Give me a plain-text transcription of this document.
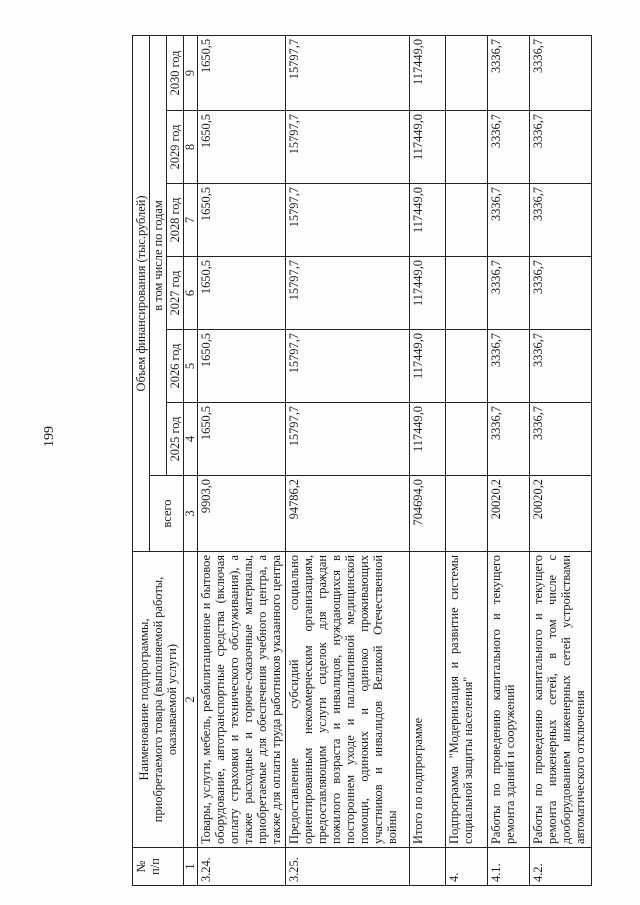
199
№
п/п	Наименование подпрограммы,
приобретаемого товара (выполняемой работы,
оказываемой услуги)	Объем финансирования (тыс.рублей)						
		всего	в том числе по годам					
			2025 год	2026 год	2027 год	2028 год	2029 год	2030 год
1	2	3	4	5	6	7	8	9
3.24.	Товары, услуги, мебель, реабилитационное и бытовое оборудование, автотранспортные средства (включая оплату страховки и технического обслуживания), а также расходные и горюче-смазочные материалы, приобретаемые для обеспечения учебного центра, а также для оплаты труда работников указанного центра	9903,0	1650,5	1650,5	1650,5	1650,5	1650,5	1650,5
3.25.	Предоставление субсидий социально ориентированным некоммерческим организациям, предоставляющим услуги сиделок для граждан пожилого возраста и инвалидов, нуждающихся в постороннем уходе и паллиативной медицинской помощи, одиноких и одиноко проживающих участников и инвалидов Великой Отечественной войны	94786,2	15797,7	15797,7	15797,7	15797,7	15797,7	15797,7
	Итого по подпрограмме	704694,0	117449,0	117449,0	117449,0	117449,0	117449,0	117449,0
4.	Подпрограмма "Модернизация и развитие системы социальной защиты населения"							
4.1.	Работы по проведению капитального и текущего ремонта зданий и сооружений	20020,2	3336,7	3336,7	3336,7	3336,7	3336,7	3336,7
4.2.	Работы по проведению капитального и текущего ремонта инженерных сетей, в том числе с дооборудованием инженерных сетей устройствами автоматического отключения	20020,2	3336,7	3336,7	3336,7	3336,7	3336,7	3336,7
